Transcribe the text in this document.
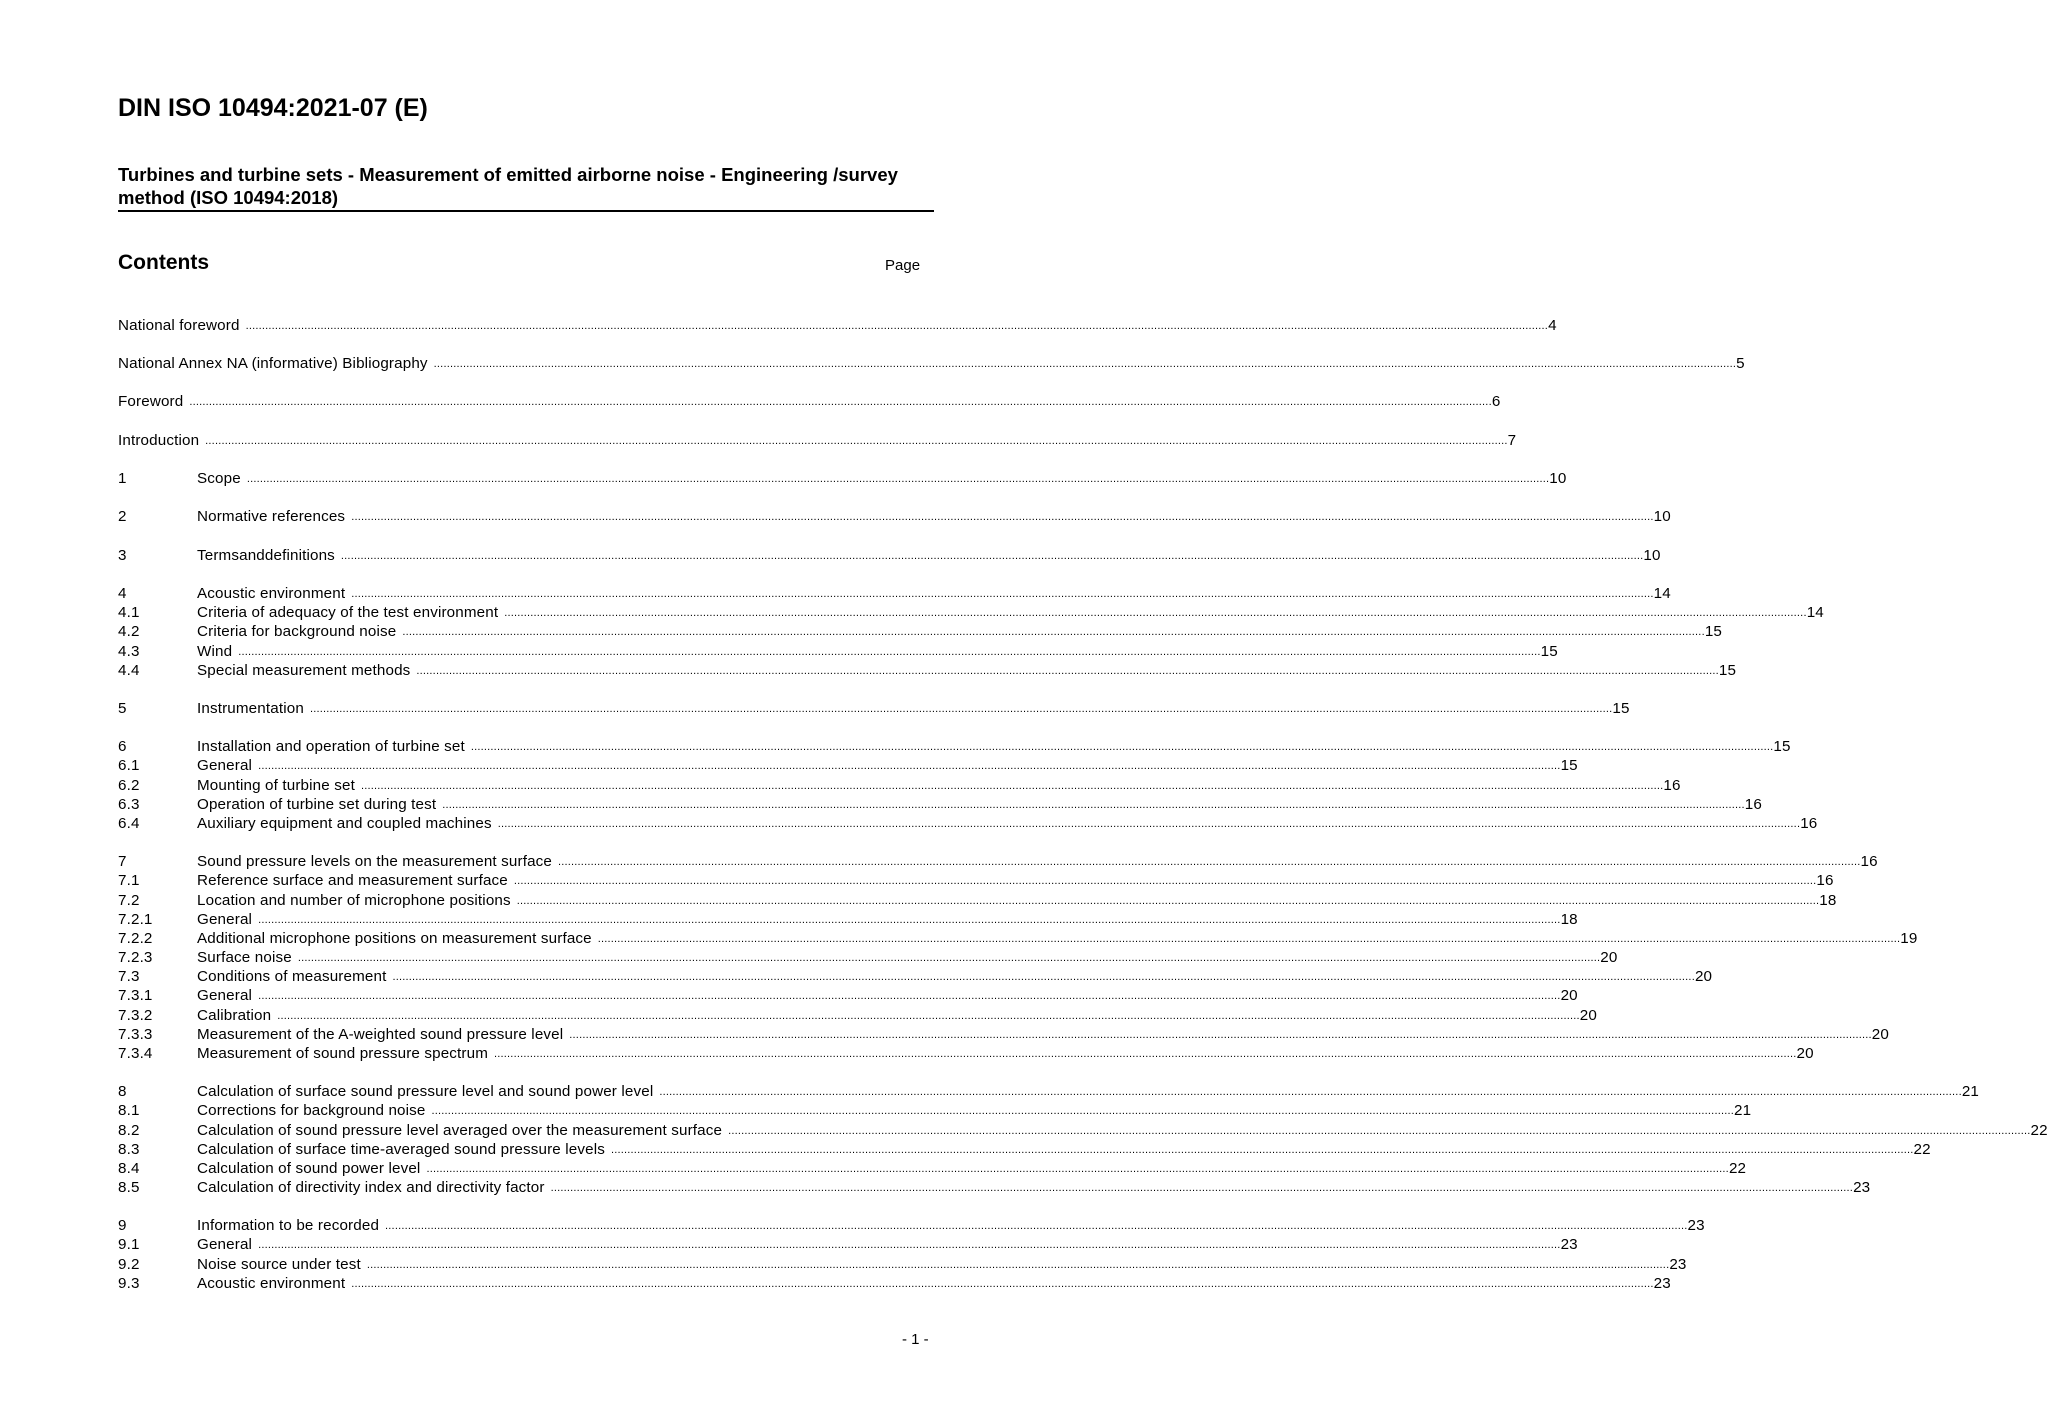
DIN ISO 10494:2021-07 (E)
Turbines and turbine sets - Measurement of emitted airborne noise - Engineering /survey method (ISO 10494:2018)
Contents	Page
National foreword ................................................................................................................................................................................................................................................................................................................................................................................................................ 4
National Annex NA (informative) Bibliography ................................................................................................................................................................................................................................................................................................................................................................................................................ 5
Foreword ................................................................................................................................................................................................................................................................................................................................................................................................................ 6
Introduction ................................................................................................................................................................................................................................................................................................................................................................................................................ 7
1	Scope ................................................................................................................................................................................................................................................................................................................................................................................................................ 10
2	Normative references ................................................................................................................................................................................................................................................................................................................................................................................................................ 10
3	Termsanddefinitions ................................................................................................................................................................................................................................................................................................................................................................................................................ 10
4	Acoustic environment ................................................................................................................................................................................................................................................................................................................................................................................................................ 14
4.1	Criteria of adequacy of the test environment ................................................................................................................................................................................................................................................................................................................................................................................................................ 14
4.2	Criteria for background noise ................................................................................................................................................................................................................................................................................................................................................................................................................ 15
4.3	Wind ................................................................................................................................................................................................................................................................................................................................................................................................................ 15
4.4	Special measurement methods ................................................................................................................................................................................................................................................................................................................................................................................................................ 15
5	Instrumentation ................................................................................................................................................................................................................................................................................................................................................................................................................ 15
6	Installation and operation of turbine set ................................................................................................................................................................................................................................................................................................................................................................................................................ 15
6.1	General ................................................................................................................................................................................................................................................................................................................................................................................................................ 15
6.2	Mounting of turbine set ................................................................................................................................................................................................................................................................................................................................................................................................................ 16
6.3	Operation of turbine set during test ................................................................................................................................................................................................................................................................................................................................................................................................................ 16
6.4	Auxiliary equipment and coupled machines ................................................................................................................................................................................................................................................................................................................................................................................................................ 16
7	Sound pressure levels on the measurement surface ................................................................................................................................................................................................................................................................................................................................................................................................................ 16
7.1	Reference surface and measurement surface ................................................................................................................................................................................................................................................................................................................................................................................................................ 16
7.2	Location and number of microphone positions ................................................................................................................................................................................................................................................................................................................................................................................................................ 18
7.2.1	General ................................................................................................................................................................................................................................................................................................................................................................................................................ 18
7.2.2	Additional microphone positions on measurement surface ................................................................................................................................................................................................................................................................................................................................................................................................................ 19
7.2.3	Surface noise ................................................................................................................................................................................................................................................................................................................................................................................................................ 20
7.3	Conditions of measurement ................................................................................................................................................................................................................................................................................................................................................................................................................ 20
7.3.1	General ................................................................................................................................................................................................................................................................................................................................................................................................................ 20
7.3.2	Calibration ................................................................................................................................................................................................................................................................................................................................................................................................................ 20
7.3.3	Measurement of the A-weighted sound pressure level ................................................................................................................................................................................................................................................................................................................................................................................................................ 20
7.3.4	Measurement of sound pressure spectrum ................................................................................................................................................................................................................................................................................................................................................................................................................ 20
8	Calculation of surface sound pressure level and sound power level ................................................................................................................................................................................................................................................................................................................................................................................................................ 21
8.1	Corrections for background noise ................................................................................................................................................................................................................................................................................................................................................................................................................ 21
8.2	Calculation of sound pressure level averaged over the measurement surface ................................................................................................................................................................................................................................................................................................................................................................................................................ 22
8.3	Calculation of surface time-averaged sound pressure levels ................................................................................................................................................................................................................................................................................................................................................................................................................ 22
8.4	Calculation of sound power level ................................................................................................................................................................................................................................................................................................................................................................................................................ 22
8.5	Calculation of directivity index and directivity factor ................................................................................................................................................................................................................................................................................................................................................................................................................ 23
9	Information to be recorded ................................................................................................................................................................................................................................................................................................................................................................................................................ 23
9.1	General ................................................................................................................................................................................................................................................................................................................................................................................................................ 23
9.2	Noise source under test ................................................................................................................................................................................................................................................................................................................................................................................................................ 23
9.3	Acoustic environment ................................................................................................................................................................................................................................................................................................................................................................................................................ 23
- 1 -
